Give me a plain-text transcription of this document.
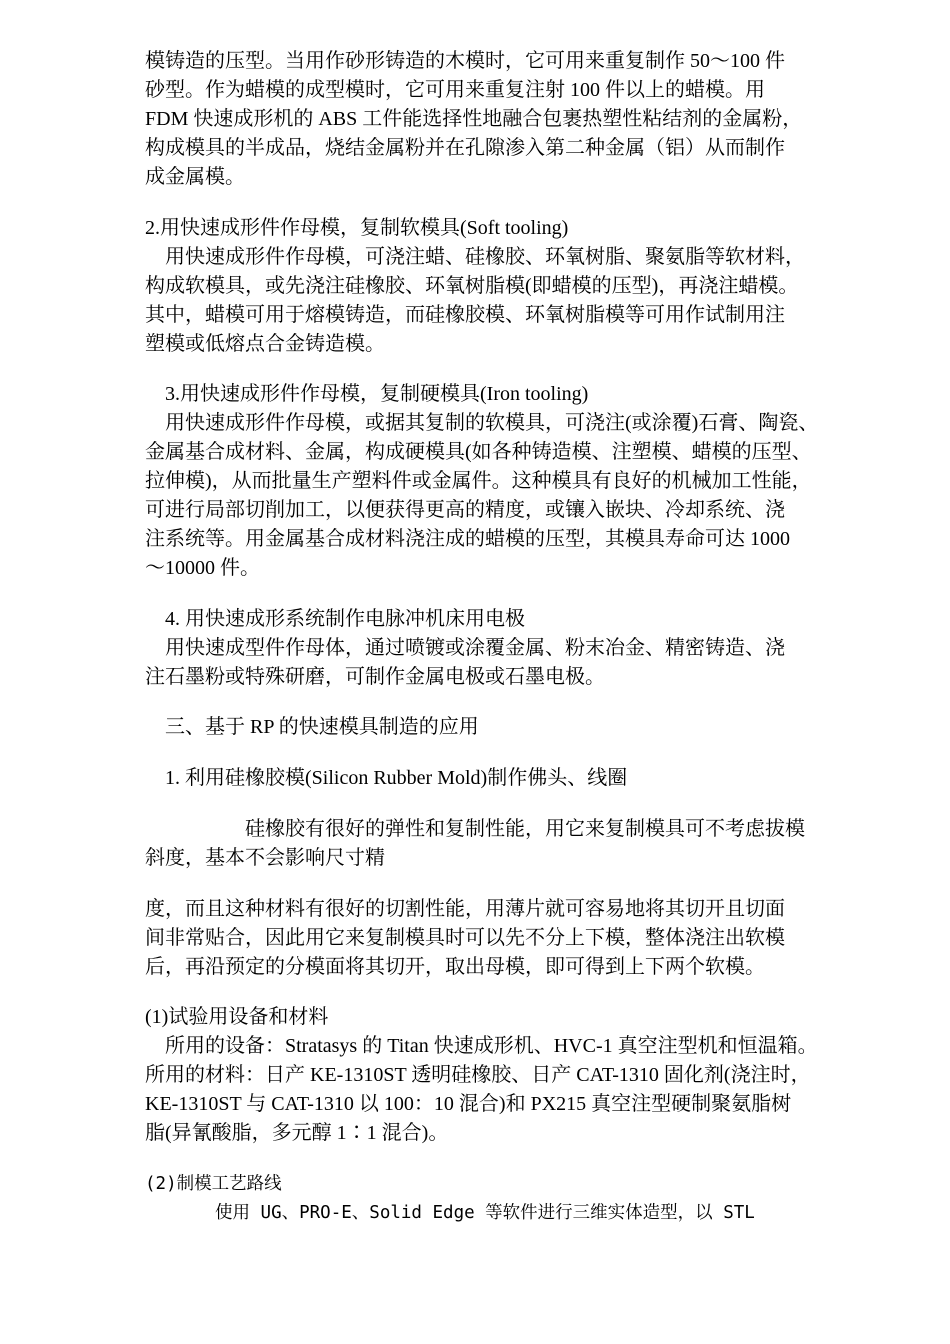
模铸造的压型。当用作砂形铸造的木模时，它可用来重复制作 50～100 件
砂型。作为蜡模的成型模时，它可用来重复注射 100 件以上的蜡模。用
FDM 快速成形机的 ABS 工件能选择性地融合包裹热塑性粘结剂的金属粉，
构成模具的半成品，烧结金属粉并在孔隙渗入第二种金属（铝）从而制作
成金属模。
2.用快速成形件作母模，复制软模具(Soft tooling)
　用快速成形件作母模，可浇注蜡、硅橡胶、环氧树脂、聚氨脂等软材料，
构成软模具，或先浇注硅橡胶、环氧树脂模(即蜡模的压型)，再浇注蜡模。
其中，蜡模可用于熔模铸造，而硅橡胶模、环氧树脂模等可用作试制用注
塑模或低熔点合金铸造模。
　3.用快速成形件作母模，复制硬模具(Iron tooling)
　用快速成形件作母模，或据其复制的软模具，可浇注(或涂覆)石膏、陶瓷、
金属基合成材料、金属，构成硬模具(如各种铸造模、注塑模、蜡模的压型、
拉伸模)，从而批量生产塑料件或金属件。这种模具有良好的机械加工性能，
可进行局部切削加工，以便获得更高的精度，或镶入嵌块、冷却系统、浇
注系统等。用金属基合成材料浇注成的蜡模的压型，其模具寿命可达 1000
～10000 件。
　4. 用快速成形系统制作电脉冲机床用电极
　用快速成型件作母体，通过喷镀或涂覆金属、粉末冶金、精密铸造、浇
注石墨粉或特殊研磨，可制作金属电极或石墨电极。
　三、基于 RP 的快速模具制造的应用
　1. 利用硅橡胶模(Silicon Rubber Mold)制作佛头、线圈
　　　　　硅橡胶有很好的弹性和复制性能，用它来复制模具可不考虑拔模
斜度，基本不会影响尺寸精
度，而且这种材料有很好的切割性能，用薄片就可容易地将其切开且切面
间非常贴合，因此用它来复制模具时可以先不分上下模，整体浇注出软模
后，再沿预定的分模面将其切开，取出母模，即可得到上下两个软模。
(1)试验用设备和材料
　所用的设备：Stratasys 的 Titan 快速成形机、HVC-1 真空注型机和恒温箱。
所用的材料：日产 KE-1310ST 透明硅橡胶、日产 CAT-1310 固化剂(浇注时，
KE-1310ST 与 CAT-1310 以 100：10 混合)和 PX215 真空注型硬制聚氨脂树
脂(异氰酸脂，多元醇 1∶1 混合)。
(2)制模工艺路线
　　　　使用 UG、PRO-E、Solid Edge 等软件进行三维实体造型，以 STL
